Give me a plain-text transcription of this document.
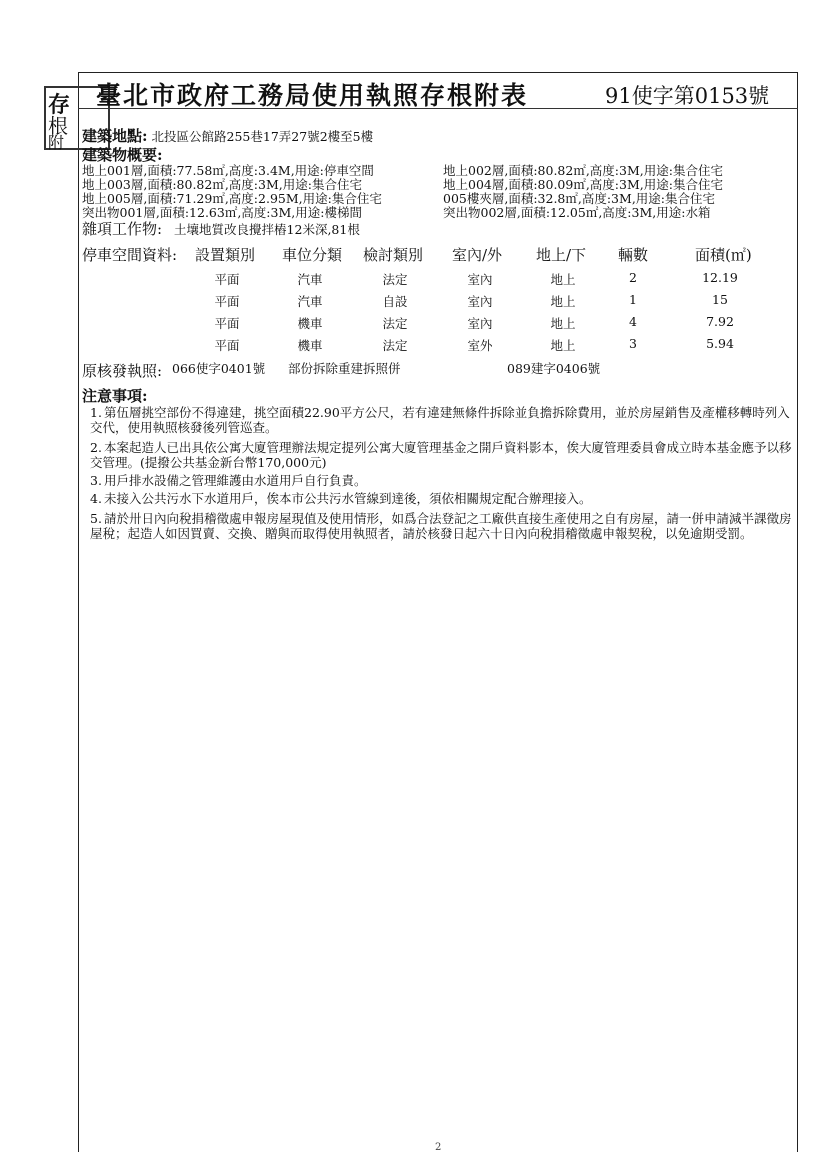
存
根
附
臺北市政府工務局使用執照存根附表	91使字第0153號
建築地點: 北投區公館路255巷17弄27號2樓至5樓
建築物概要:
地上001層,面積:77.58㎡,高度:3.4M,用途:停車空間	地上002層,面積:80.82㎡,高度:3M,用途:集合住宅
地上003層,面積:80.82㎡,高度:3M,用途:集合住宅	地上004層,面積:80.09㎡,高度:3M,用途:集合住宅
地上005層,面積:71.29㎡,高度:2.95M,用途:集合住宅	005樓夾層,面積:32.8㎡,高度:3M,用途:集合住宅
突出物001層,面積:12.63㎡,高度:3M,用途:樓梯間	突出物002層,面積:12.05㎡,高度:3M,用途:水箱
雜項工作物: 土壤地質改良攪拌樁12米深,81根
停車空間資料: 設置類別 車位分類 檢討類別 室內/外 地上/下 輛數	面積(㎡)
平面	汽車	法定	室內	地上	2	12.19
平面	汽車	自設	室內	地上	1	15
平面	機車	法定	室內	地上	4	7.92
平面	機車	法定	室外	地上	3	5.94
原核發執照: 066使字0401號 部份拆除重建拆照併	089建字0406號
注意事項:
1. 第伍層挑空部份不得違建，挑空面積22.90平方公尺，若有違建無條件拆除並負擔拆除費用，並於房屋銷售及產權移轉時列入交代，使用執照核發後列管巡查。
2. 本案起造人已出具依公寓大廈管理辦法規定提列公寓大廈管理基金之開戶資料影本，俟大廈管理委員會成立時本基金應予以移交管理。(提撥公共基金新台幣170,000元)
3. 用戶排水設備之管理維護由水道用戶自行負責。
4. 未接入公共污水下水道用戶，俟本市公共污水管線到達後，須依相關規定配合辦理接入。
5. 請於卅日內向稅捐稽徵處申報房屋現值及使用情形，如爲合法登記之工廠供直接生產使用之自有房屋，請一併申請減半課徵房屋稅；起造人如因買賣、交換、贈與而取得使用執照者，請於核發日起六十日內向稅捐稽徵處申報契稅，以免逾期受罰。
2
